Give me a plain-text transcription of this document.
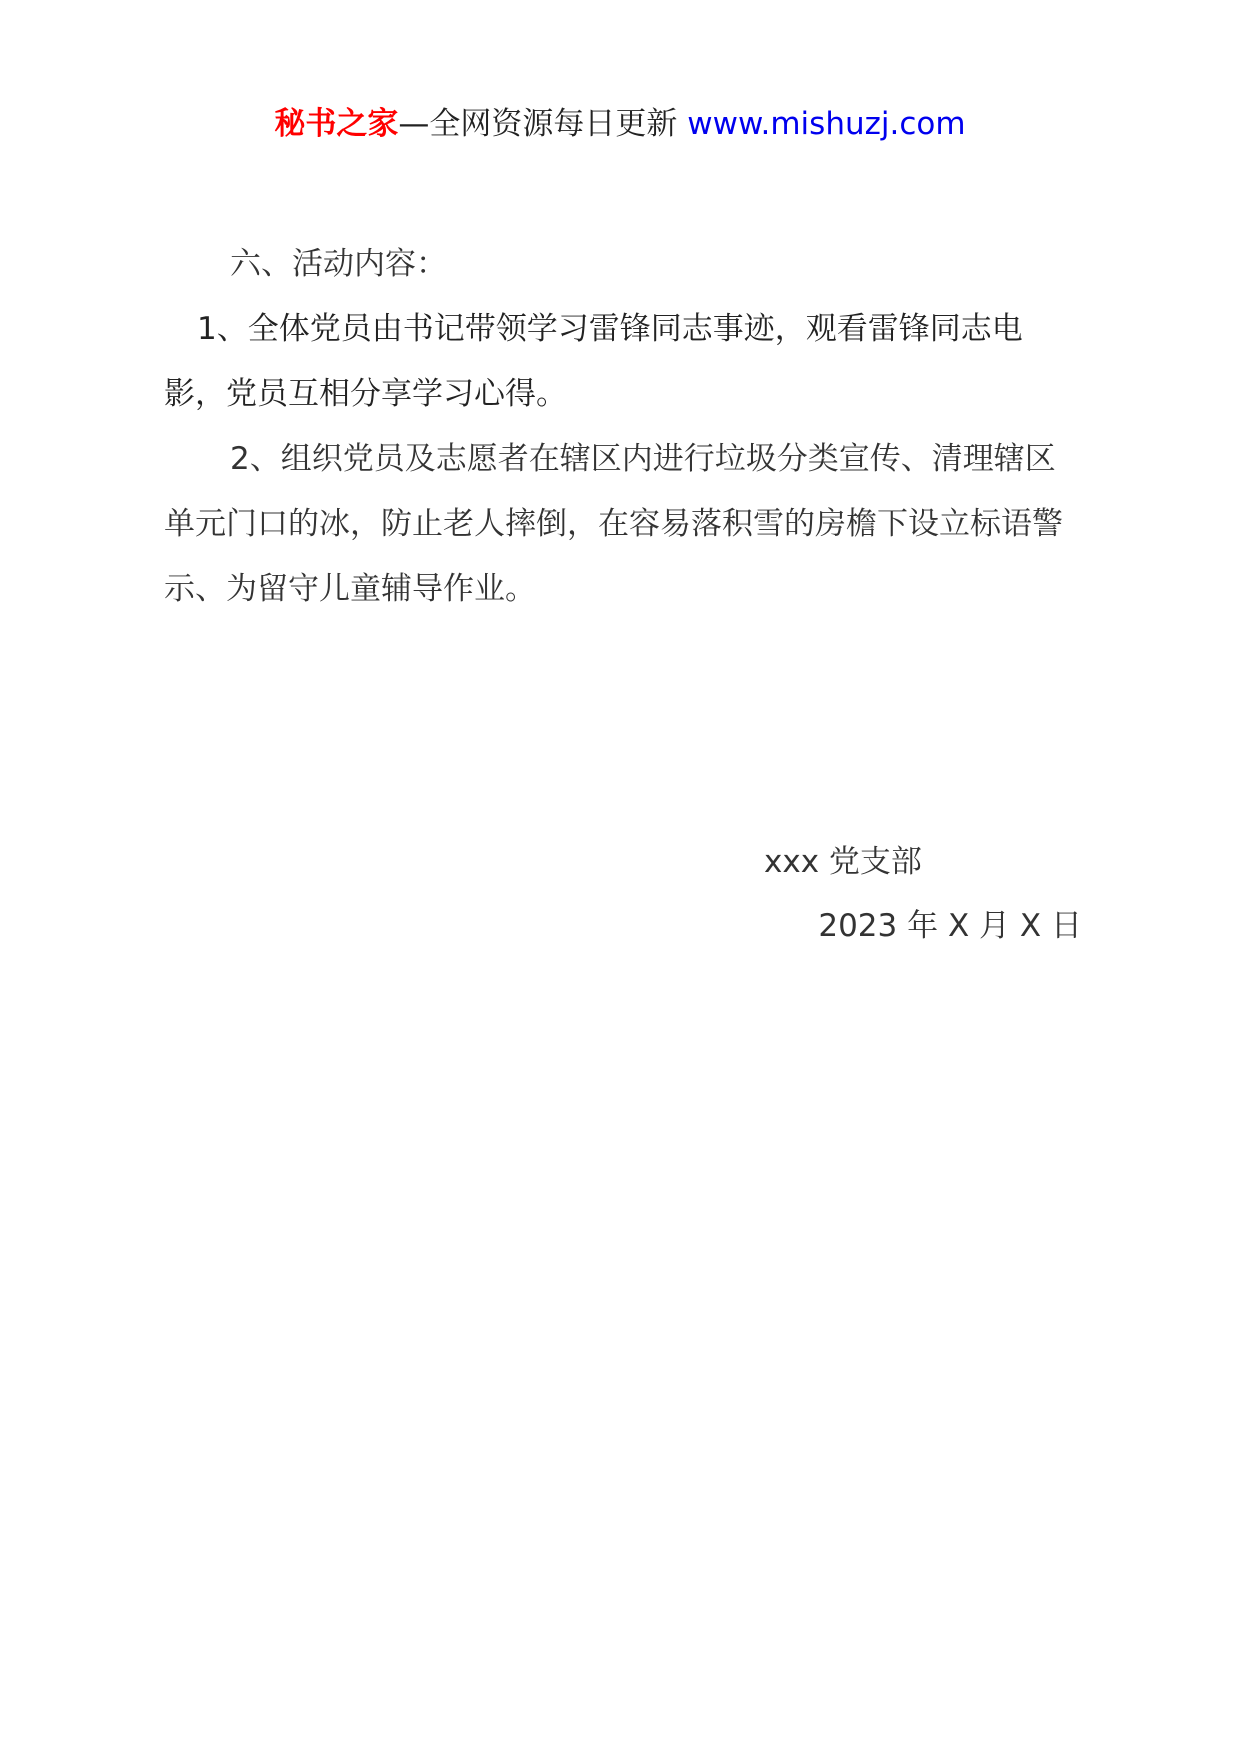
秘书之家—全网资源每日更新 www.mishuzj.com

六、活动内容：

1、全体党员由书记带领学习雷锋同志事迹，观看雷锋同志电影，党员互相分享学习心得。

2、组织党员及志愿者在辖区内进行垃圾分类宣传、清理辖区单元门口的冰，防止老人摔倒，在容易落积雪的房檐下设立标语警示、为留守儿童辅导作业。

xxx 党支部
2023 年 X 月 X 日
